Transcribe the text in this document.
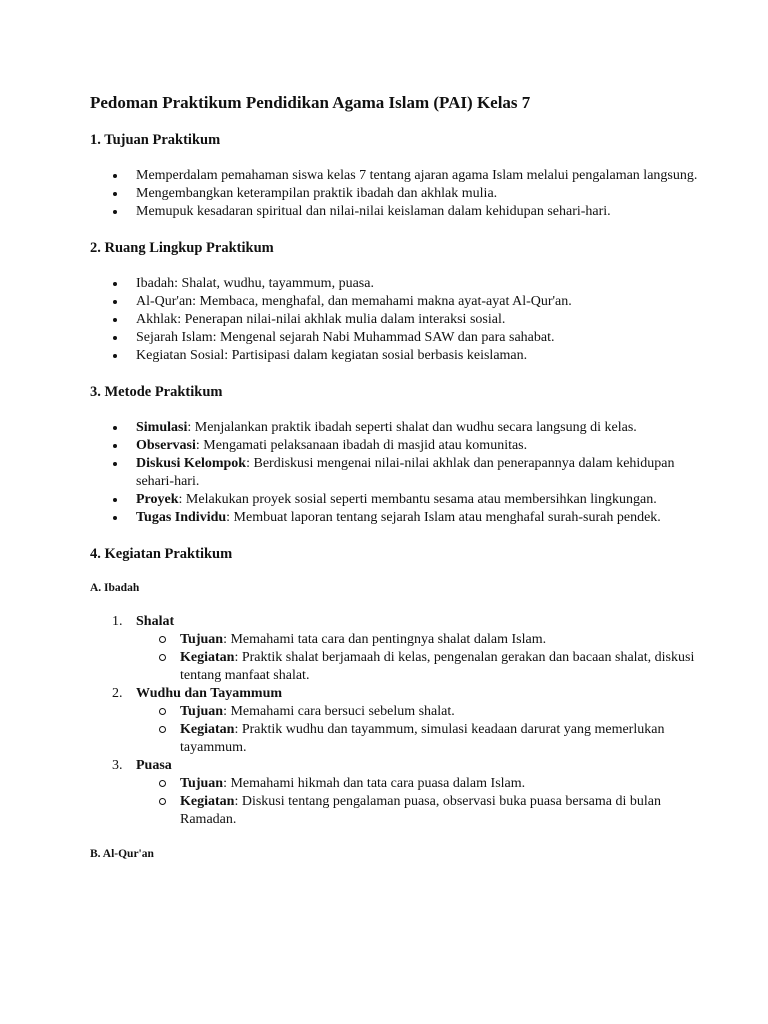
Pedoman Praktikum Pendidikan Agama Islam (PAI) Kelas 7
1. Tujuan Praktikum
Memperdalam pemahaman siswa kelas 7 tentang ajaran agama Islam melalui pengalaman langsung.
Mengembangkan keterampilan praktik ibadah dan akhlak mulia.
Memupuk kesadaran spiritual dan nilai-nilai keislaman dalam kehidupan sehari-hari.
2. Ruang Lingkup Praktikum
Ibadah: Shalat, wudhu, tayammum, puasa.
Al-Qur'an: Membaca, menghafal, dan memahami makna ayat-ayat Al-Qur'an.
Akhlak: Penerapan nilai-nilai akhlak mulia dalam interaksi sosial.
Sejarah Islam: Mengenal sejarah Nabi Muhammad SAW dan para sahabat.
Kegiatan Sosial: Partisipasi dalam kegiatan sosial berbasis keislaman.
3. Metode Praktikum
Simulasi: Menjalankan praktik ibadah seperti shalat dan wudhu secara langsung di kelas.
Observasi: Mengamati pelaksanaan ibadah di masjid atau komunitas.
Diskusi Kelompok: Berdiskusi mengenai nilai-nilai akhlak dan penerapannya dalam kehidupan sehari-hari.
Proyek: Melakukan proyek sosial seperti membantu sesama atau membersihkan lingkungan.
Tugas Individu: Membuat laporan tentang sejarah Islam atau menghafal surah-surah pendek.
4. Kegiatan Praktikum
A. Ibadah
1. Shalat
Tujuan: Memahami tata cara dan pentingnya shalat dalam Islam.
Kegiatan: Praktik shalat berjamaah di kelas, pengenalan gerakan dan bacaan shalat, diskusi tentang manfaat shalat.
2. Wudhu dan Tayammum
Tujuan: Memahami cara bersuci sebelum shalat.
Kegiatan: Praktik wudhu dan tayammum, simulasi keadaan darurat yang memerlukan tayammum.
3. Puasa
Tujuan: Memahami hikmah dan tata cara puasa dalam Islam.
Kegiatan: Diskusi tentang pengalaman puasa, observasi buka puasa bersama di bulan Ramadan.
B. Al-Qur'an
